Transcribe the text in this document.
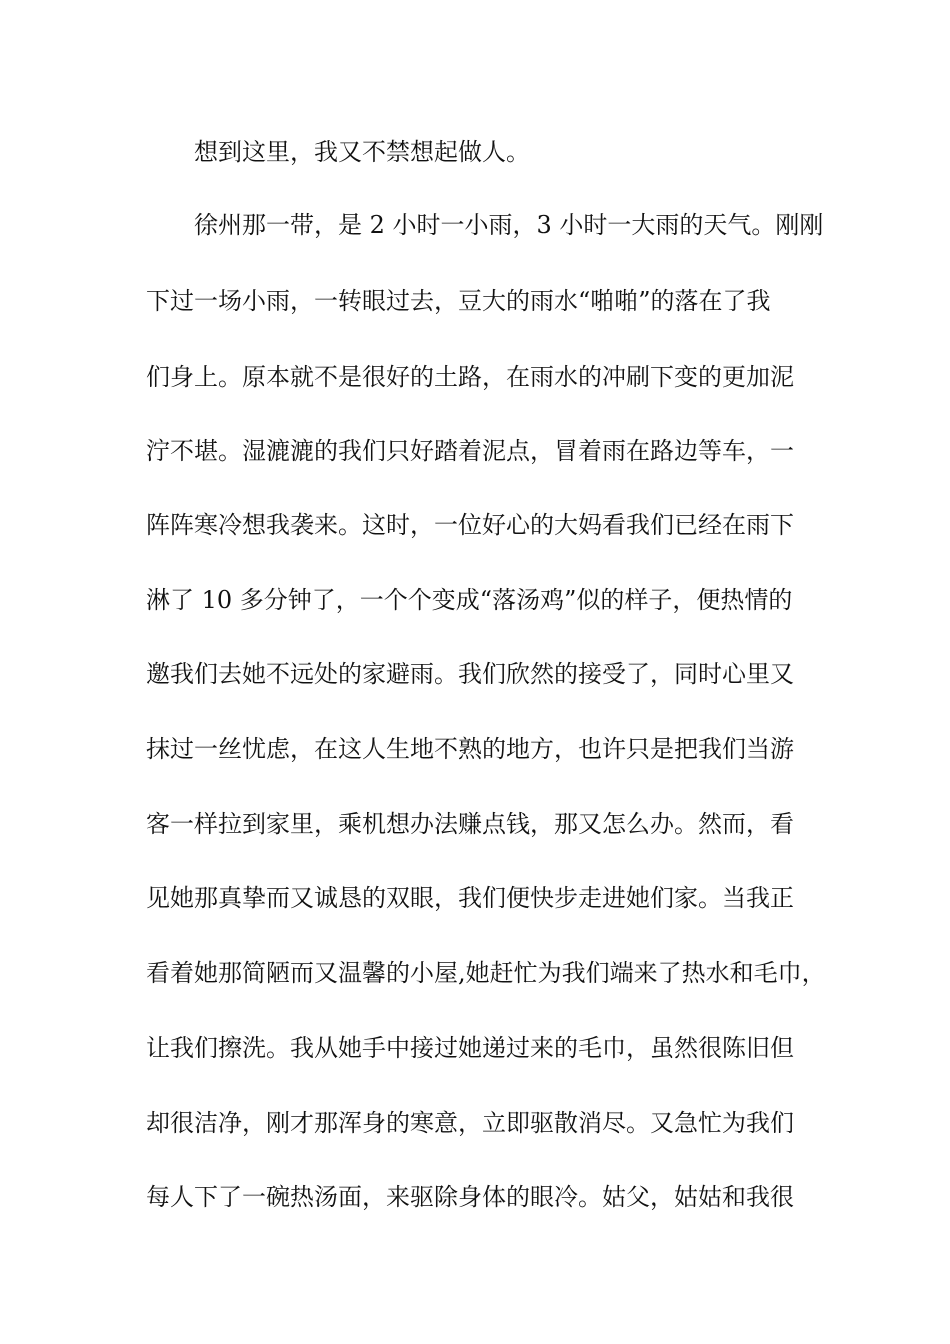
想到这里，我又不禁想起做人。
徐州那一带，是 2 小时一小雨，3 小时一大雨的天气。刚刚
下过一场小雨，一转眼过去，豆大的雨水“啪啪”的落在了我
们身上。原本就不是很好的土路，在雨水的冲刷下变的更加泥
泞不堪。湿漉漉的我们只好踏着泥点，冒着雨在路边等车，一
阵阵寒冷想我袭来。这时，一位好心的大妈看我们已经在雨下
淋了 10 多分钟了，一个个变成“落汤鸡”似的样子，便热情的
邀我们去她不远处的家避雨。我们欣然的接受了，同时心里又
抹过一丝忧虑，在这人生地不熟的地方，也许只是把我们当游
客一样拉到家里，乘机想办法赚点钱，那又怎么办。然而，看
见她那真挚而又诚恳的双眼，我们便快步走进她们家。当我正
看着她那简陋而又温馨的小屋,她赶忙为我们端来了热水和毛巾，
让我们擦洗。我从她手中接过她递过来的毛巾，虽然很陈旧但
却很洁净，刚才那浑身的寒意，立即驱散消尽。又急忙为我们
每人下了一碗热汤面，来驱除身体的眼冷。姑父，姑姑和我很
